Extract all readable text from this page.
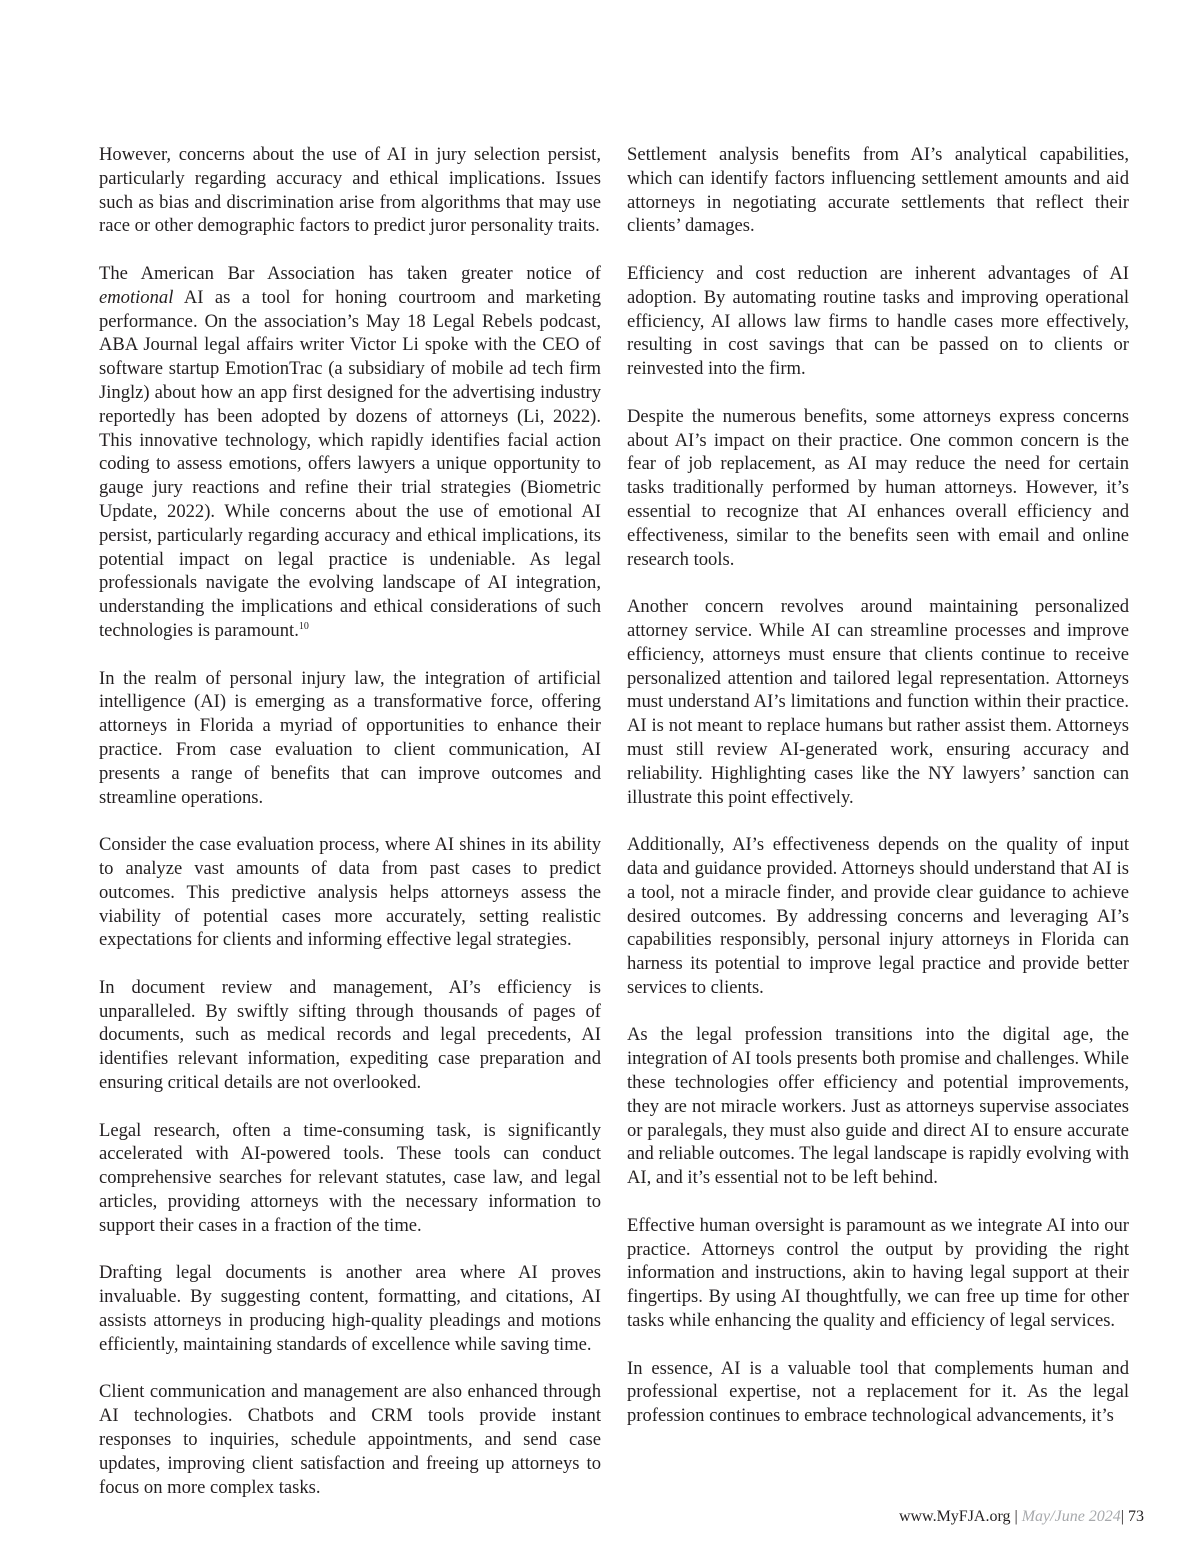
However, concerns about the use of AI in jury selection persist, particularly regarding accuracy and ethical implications. Issues such as bias and discrimination arise from algorithms that may use race or other demographic factors to predict juror personality traits.

The American Bar Association has taken greater notice of emotional AI as a tool for honing courtroom and marketing performance. On the association’s May 18 Legal Rebels podcast, ABA Journal legal affairs writer Victor Li spoke with the CEO of software startup EmotionTrac (a subsidiary of mobile ad tech firm Jinglz) about how an app first designed for the advertising industry reportedly has been adopted by dozens of attorneys (Li, 2022). This innovative technology, which rapidly identifies facial action coding to assess emotions, offers lawyers a unique opportunity to gauge jury reactions and refine their trial strategies (Biometric Update, 2022). While concerns about the use of emotional AI persist, particularly regarding accuracy and ethical implications, its potential impact on legal practice is undeniable. As legal professionals navigate the evolving landscape of AI integration, understanding the implications and ethical considerations of such technologies is paramount.$^{10}$

In the realm of personal injury law, the integration of artificial intelligence (AI) is emerging as a transformative force, offering attorneys in Florida a myriad of opportunities to enhance their practice. From case evaluation to client communication, AI presents a range of benefits that can improve outcomes and streamline operations.

Consider the case evaluation process, where AI shines in its ability to analyze vast amounts of data from past cases to predict outcomes. This predictive analysis helps attorneys assess the viability of potential cases more accurately, setting realistic expectations for clients and informing effective legal strategies.

In document review and management, AI’s efficiency is unparalleled. By swiftly sifting through thousands of pages of documents, such as medical records and legal precedents, AI identifies relevant information, expediting case preparation and ensuring critical details are not overlooked.

Legal research, often a time-consuming task, is significantly accelerated with AI-powered tools. These tools can conduct comprehensive searches for relevant statutes, case law, and legal articles, providing attorneys with the necessary information to support their cases in a fraction of the time.

Drafting legal documents is another area where AI proves invaluable. By suggesting content, formatting, and citations, AI assists attorneys in producing high-quality pleadings and motions efficiently, maintaining standards of excellence while saving time.

Client communication and management are also enhanced through AI technologies. Chatbots and CRM tools provide instant responses to inquiries, schedule appointments, and send case updates, improving client satisfaction and freeing up attorneys to focus on more complex tasks.

Settlement analysis benefits from AI’s analytical capabilities, which can identify factors influencing settlement amounts and aid attorneys in negotiating accurate settlements that reflect their clients’ damages.

Efficiency and cost reduction are inherent advantages of AI adoption. By automating routine tasks and improving operational efficiency, AI allows law firms to handle cases more effectively, resulting in cost savings that can be passed on to clients or reinvested into the firm.

Despite the numerous benefits, some attorneys express concerns about AI’s impact on their practice. One common concern is the fear of job replacement, as AI may reduce the need for certain tasks traditionally performed by human attorneys. However, it’s essential to recognize that AI enhances overall efficiency and effectiveness, similar to the benefits seen with email and online research tools.

Another concern revolves around maintaining personalized attorney service. While AI can streamline processes and improve efficiency, attorneys must ensure that clients continue to receive personalized attention and tailored legal representation. Attorneys must understand AI’s limitations and function within their practice. AI is not meant to replace humans but rather assist them. Attorneys must still review AI-generated work, ensuring accuracy and reliability. Highlighting cases like the NY lawyers’ sanction can illustrate this point effectively.

Additionally, AI’s effectiveness depends on the quality of input data and guidance provided. Attorneys should understand that AI is a tool, not a miracle finder, and provide clear guidance to achieve desired outcomes. By addressing concerns and leveraging AI’s capabilities responsibly, personal injury attorneys in Florida can harness its potential to improve legal practice and provide better services to clients.

As the legal profession transitions into the digital age, the integration of AI tools presents both promise and challenges. While these technologies offer efficiency and potential improvements, they are not miracle workers. Just as attorneys supervise associates or paralegals, they must also guide and direct AI to ensure accurate and reliable outcomes. The legal landscape is rapidly evolving with AI, and it’s essential not to be left behind.

Effective human oversight is paramount as we integrate AI into our practice. Attorneys control the output by providing the right information and instructions, akin to having legal support at their fingertips. By using AI thoughtfully, we can free up time for other tasks while enhancing the quality and efficiency of legal services.

In essence, AI is a valuable tool that complements human and professional expertise, not a replacement for it. As the legal profession continues to embrace technological advancements, it’s

www.MyFJA.org | May/June 2024| 73
